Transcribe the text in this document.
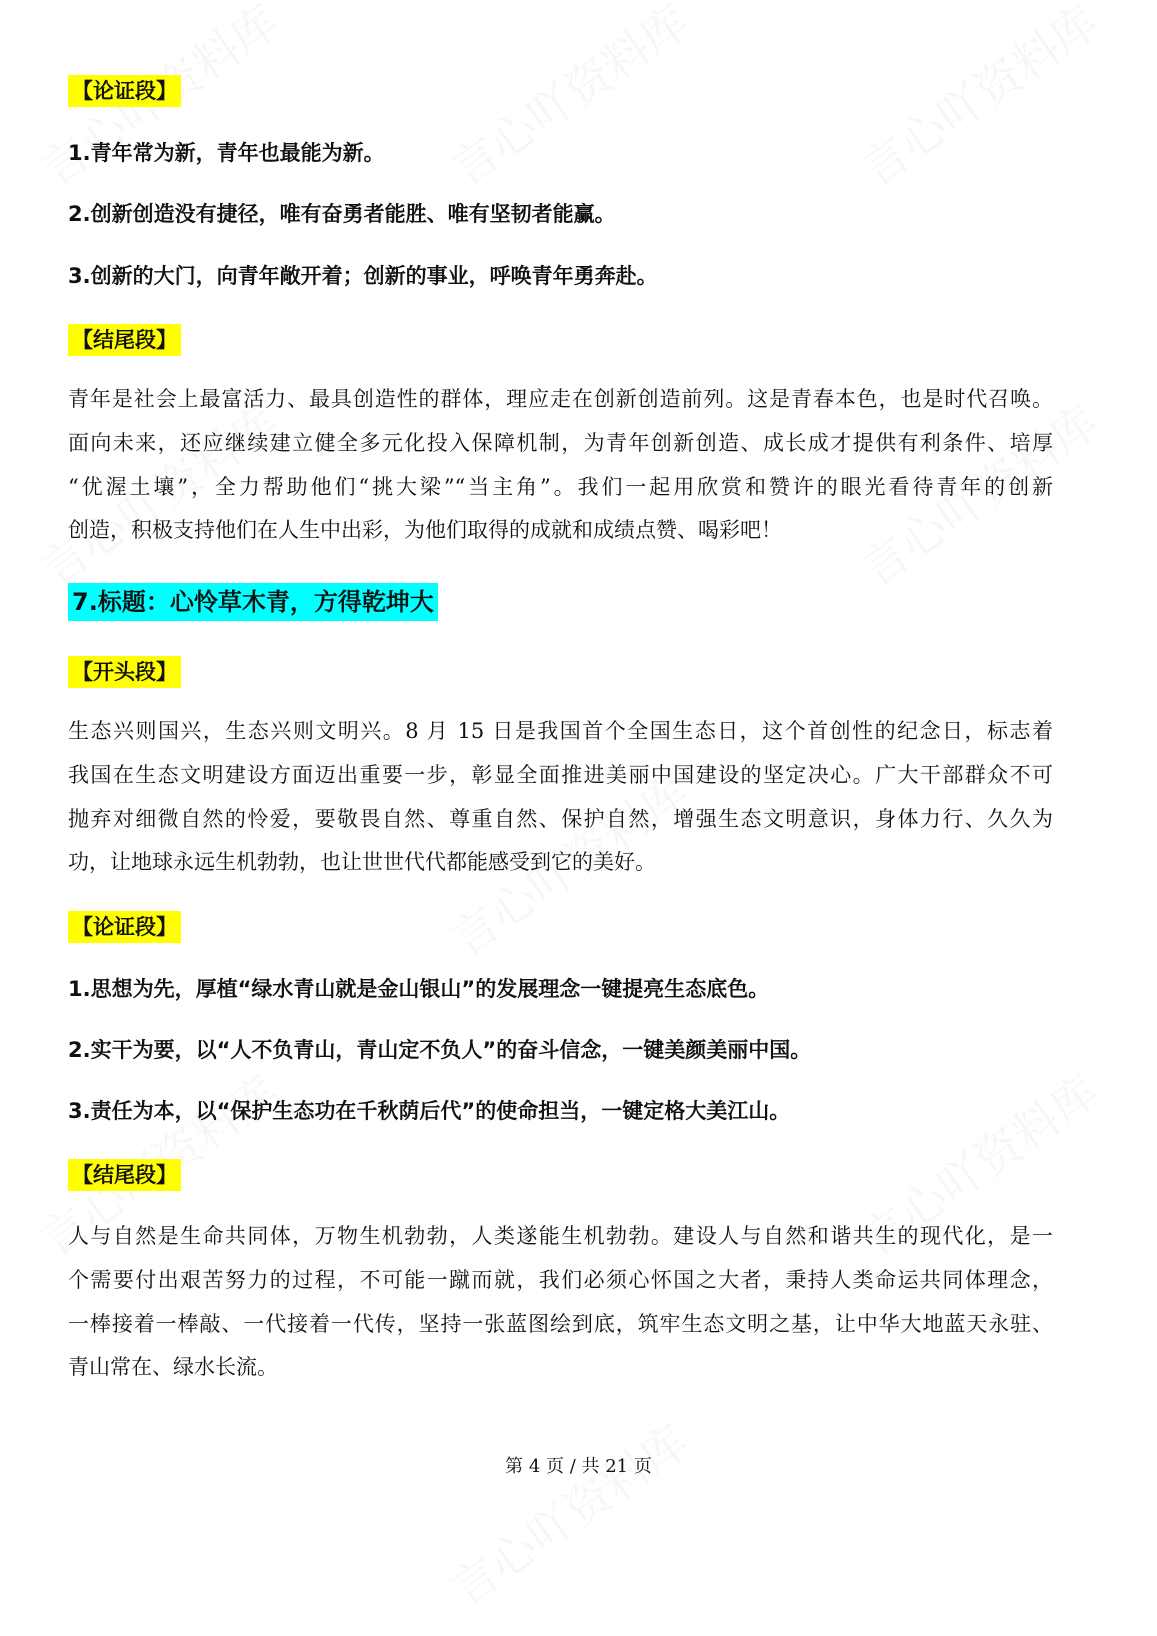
【论证段】
1.青年常为新，青年也最能为新。
2.创新创造没有捷径，唯有奋勇者能胜、唯有坚韧者能赢。
3.创新的大门，向青年敞开着；创新的事业，呼唤青年勇奔赴。
【结尾段】
青年是社会上最富活力、最具创造性的群体，理应走在创新创造前列。这是青春本色，也是时代召唤。
面向未来，还应继续建立健全多元化投入保障机制，为青年创新创造、成长成才提供有利条件、培厚
“优渥土壤”，全力帮助他们“挑大梁”“当主角”。我们一起用欣赏和赞许的眼光看待青年的创新
创造，积极支持他们在人生中出彩，为他们取得的成就和成绩点赞、喝彩吧！
7.标题：心怜草木青，方得乾坤大
【开头段】
生态兴则国兴，生态兴则文明兴。8 月 15 日是我国首个全国生态日，这个首创性的纪念日，标志着
我国在生态文明建设方面迈出重要一步，彰显全面推进美丽中国建设的坚定决心。广大干部群众不可
抛弃对细微自然的怜爱，要敬畏自然、尊重自然、保护自然，增强生态文明意识，身体力行、久久为
功，让地球永远生机勃勃，也让世世代代都能感受到它的美好。
【论证段】
1.思想为先，厚植“绿水青山就是金山银山”的发展理念一键提亮生态底色。
2.实干为要，以“人不负青山，青山定不负人”的奋斗信念，一键美颜美丽中国。
3.责任为本，以“保护生态功在千秋荫后代”的使命担当，一键定格大美江山。
【结尾段】
人与自然是生命共同体，万物生机勃勃，人类遂能生机勃勃。建设人与自然和谐共生的现代化，是一
个需要付出艰苦努力的过程，不可能一蹴而就，我们必须心怀国之大者，秉持人类命运共同体理念，
一棒接着一棒敲、一代接着一代传，坚持一张蓝图绘到底，筑牢生态文明之基，让中华大地蓝天永驻、
青山常在、绿水长流。
第 4 页 / 共 21 页
